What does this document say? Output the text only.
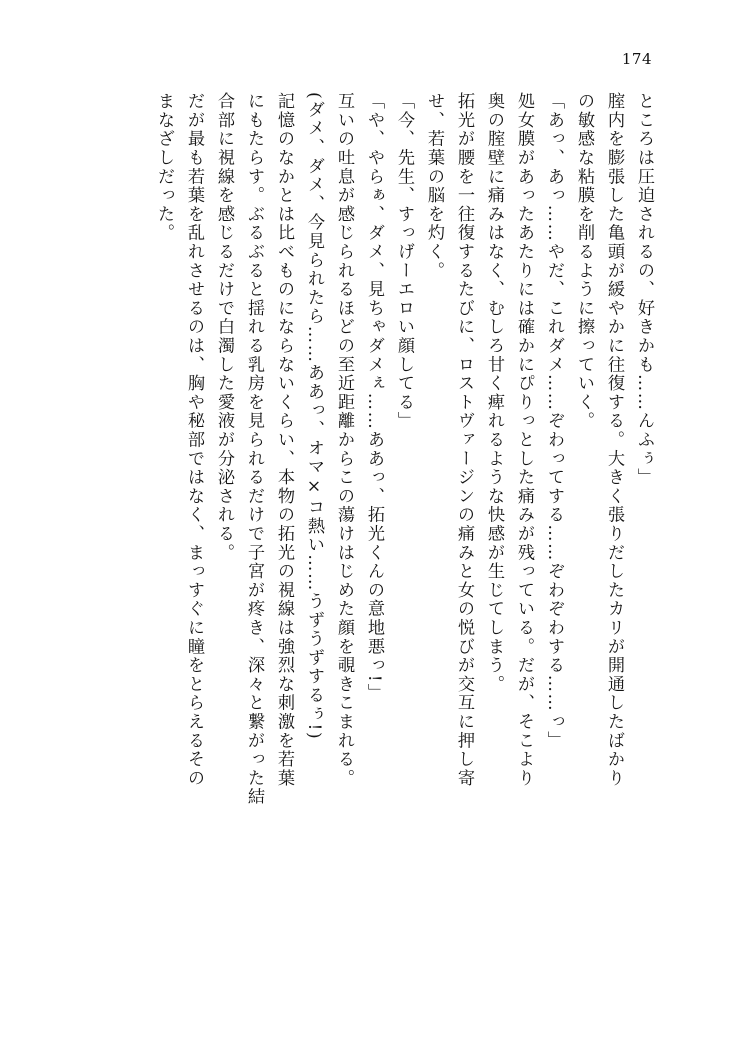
174
ところは圧迫されるの、好きかも……んふぅ」
腟内を膨張した亀頭が緩やかに往復する。大きく張りだしたカリが開通したばかり
の敏感な粘膜を削るように擦っていく。
「あっ、あっ……やだ、これダメ……ぞわってする……ぞわぞわする……っ」
処女膜があったあたりには確かにぴりっとした痛みが残っている。だが、そこより
奥の腟壁に痛みはなく、むしろ甘く痺れるような快感が生じてしまう。
拓光が腰を一往復するたびに、ロストヴァージンの痛みと女の悦びが交互に押し寄
せ、若葉の脳を灼く。
「今、先生、すっげーエロい顔してる」
「や、やらぁ、ダメ、見ちゃダメぇ……ああっ、拓光くんの意地悪っ!」
互いの吐息が感じられるほどの至近距離からこの蕩けはじめた顔を覗きこまれる。
(ダメ、ダメ、今見られたら……ああっ、オマ×コ熱い……うずうずするぅ!)
記憶のなかとは比べものにならないくらい、本物の拓光の視線は強烈な刺激を若葉
にもたらす。ぶるぶると揺れる乳房を見られるだけで子宮が疼き、深々と繋がった結
合部に視線を感じるだけで白濁した愛液が分泌される。
だが最も若葉を乱れさせるのは、胸や秘部ではなく、まっすぐに瞳をとらえるその
まなざしだった。
